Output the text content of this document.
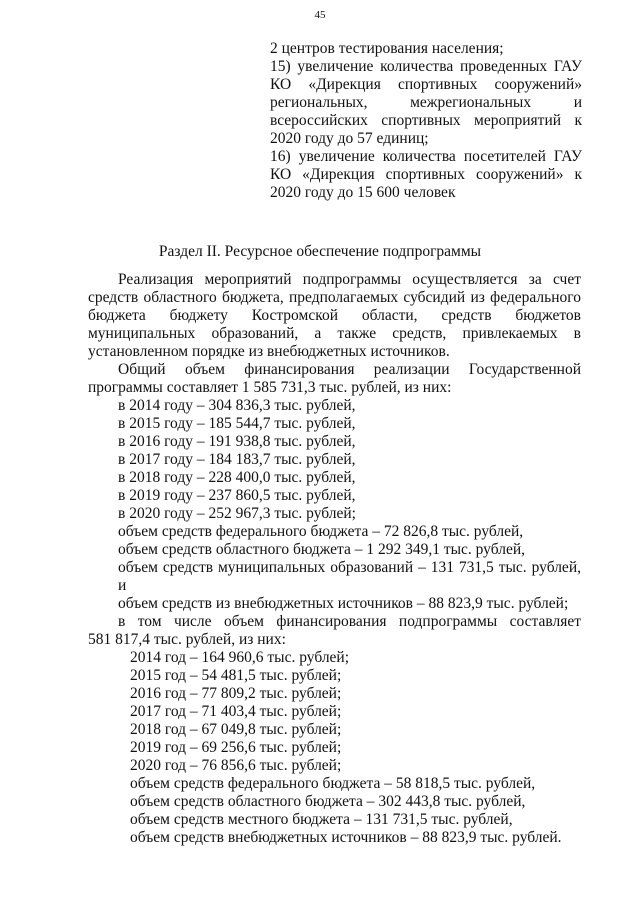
45

2 центров тестирования населения;

15) увеличение количества проведенных ГАУ
КО «Дирекция спортивных сооружений»
региональных, межрегиональных и
всероссийских спортивных мероприятий к
2020 году до 57 единиц;

16) увеличение количества посетителей ГАУ
КО «Дирекция спортивных сооружений» к
2020 году до 15 600 человек

Раздел II. Ресурсное обеспечение подпрограммы
Реализация мероприятий подпрограммы осуществляется за счет
средств областного бюджета, предполагаемых субсидий из федерального
бюджета бюджету Костромской области, средств бюджетов
муниципальных образований, а также средств, привлекаемых в
установленном порядке из внебюджетных источников.
Общий объем финансирования реализации Государственной
программы составляет 1 585 731,3 тыс. рублей, из них:
в 2014 году – 304 836,3 тыс. рублей,
в 2015 году – 185 544,7 тыс. рублей,
в 2016 году – 191 938,8 тыс. рублей,
в 2017 году – 184 183,7 тыс. рублей,
в 2018 году – 228 400,0 тыс. рублей,
в 2019 году – 237 860,5 тыс. рублей,
в 2020 году – 252 967,3 тыс. рублей;
объем средств федерального бюджета – 72 826,8 тыс. рублей,
объем средств областного бюджета – 1 292 349,1 тыс. рублей,
объем средств муниципальных образований – 131 731,5 тыс. рублей, и
объем средств из внебюджетных источников – 88 823,9 тыс. рублей;
в том числе объем финансирования подпрограммы составляет
581 817,4 тыс. рублей, из них:
2014 год – 164 960,6 тыс. рублей;
2015 год – 54 481,5 тыс. рублей;
2016 год – 77 809,2 тыс. рублей;
2017 год – 71 403,4 тыс. рублей;
2018 год – 67 049,8 тыс. рублей;
2019 год – 69 256,6 тыс. рублей;
2020 год – 76 856,6 тыс. рублей;
объем средств федерального бюджета – 58 818,5 тыс. рублей,
объем средств областного бюджета – 302 443,8 тыс. рублей,
объем средств местного бюджета – 131 731,5 тыс. рублей,
объем средств внебюджетных источников – 88 823,9 тыс. рублей.
